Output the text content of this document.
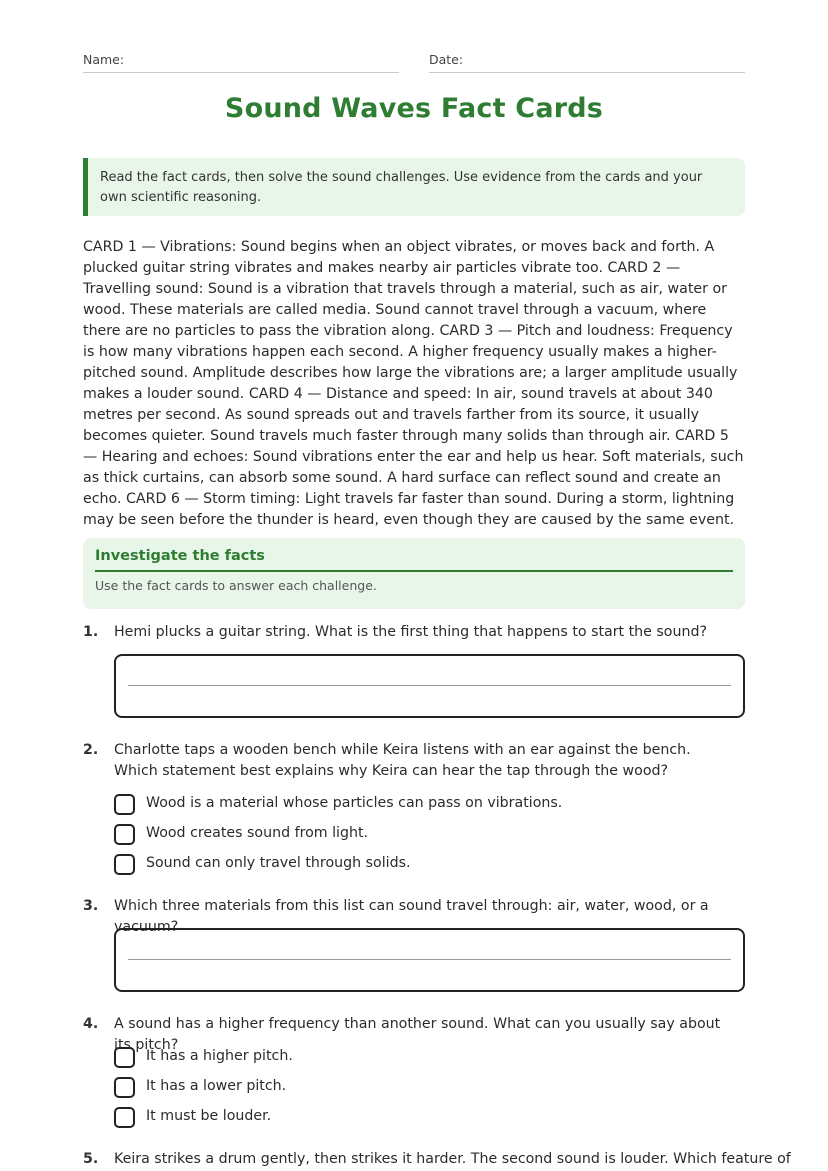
Name:	Date:
Sound Waves Fact Cards
Read the fact cards, then solve the sound challenges. Use evidence from the cards and your own scientific reasoning.
CARD 1 — Vibrations: Sound begins when an object vibrates, or moves back and forth. A plucked guitar string vibrates and makes nearby air particles vibrate too. CARD 2 — Travelling sound: Sound is a vibration that travels through a material, such as air, water or wood. These materials are called media. Sound cannot travel through a vacuum, where there are no particles to pass the vibration along. CARD 3 — Pitch and loudness: Frequency is how many vibrations happen each second. A higher frequency usually makes a higher-pitched sound. Amplitude describes how large the vibrations are; a larger amplitude usually makes a louder sound. CARD 4 — Distance and speed: In air, sound travels at about 340 metres per second. As sound spreads out and travels farther from its source, it usually becomes quieter. Sound travels much faster through many solids than through air. CARD 5 — Hearing and echoes: Sound vibrations enter the ear and help us hear. Soft materials, such as thick curtains, can absorb some sound. A hard surface can reflect sound and create an echo. CARD 6 — Storm timing: Light travels far faster than sound. During a storm, lightning may be seen before the thunder is heard, even though they are caused by the same event.
Investigate the facts
Use the fact cards to answer each challenge.
1. Hemi plucks a guitar string. What is the first thing that happens to start the sound?
2. Charlotte taps a wooden bench while Keira listens with an ear against the bench. Which statement best explains why Keira can hear the tap through the wood?
Wood is a material whose particles can pass on vibrations.
Wood creates sound from light.
Sound can only travel through solids.
3. Which three materials from this list can sound travel through: air, water, wood, or a vacuum?
4. A sound has a higher frequency than another sound. What can you usually say about its pitch?
It has a higher pitch.
It has a lower pitch.
It must be louder.
5. Keira strikes a drum gently, then strikes it harder. The second sound is louder. Which feature of
